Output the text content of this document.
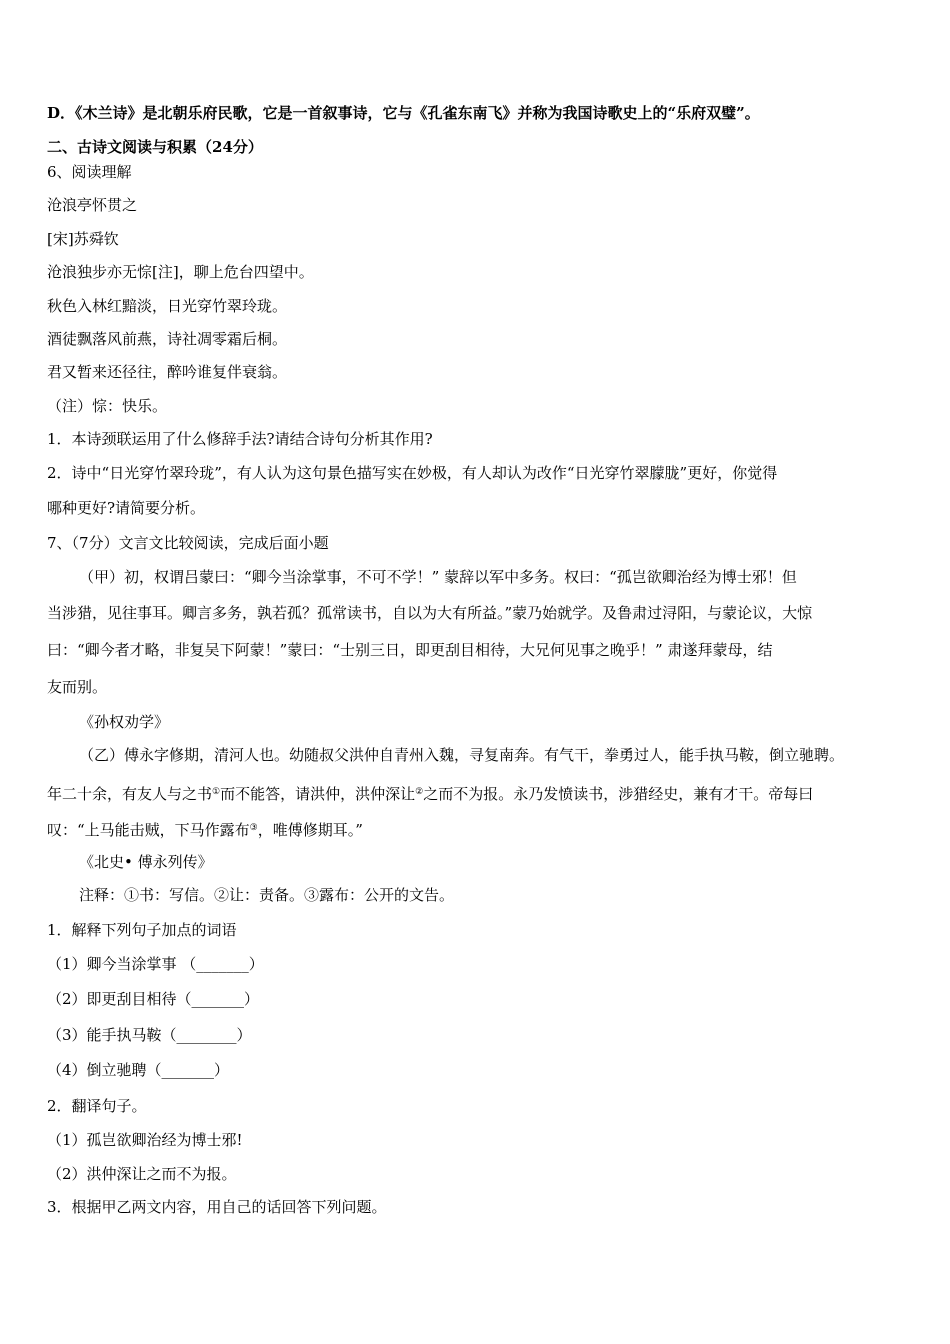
D．《木兰诗》是北朝乐府民歌，它是一首叙事诗，它与《孔雀东南飞》并称为我国诗歌史上的“乐府双璧”。
二、古诗文阅读与积累（24分）
6、阅读理解
沧浪亭怀贯之
[宋]苏舜钦
沧浪独步亦无悰[注]，聊上危台四望中。
秋色入林红黯淡，日光穿竹翠玲珑。
酒徒飘落风前燕，诗社凋零霜后桐。
君又暂来还径往，醉吟谁复伴衰翁。
（注）悰：快乐。
1．本诗颈联运用了什么修辞手法?请结合诗句分析其作用?
2．诗中“日光穿竹翠玲珑”，有人认为这句景色描写实在妙极，有人却认为改作“日光穿竹翠朦胧”更好，你觉得
哪种更好?请简要分析。
7、（7分）文言文比较阅读，完成后面小题
（甲）初，权谓吕蒙曰：“卿今当涂掌事，不可不学！” 蒙辞以军中多务。权曰：“孤岂欲卿治经为博士邪！但
当涉猎，见往事耳。卿言多务，孰若孤？孤常读书，自以为大有所益。”蒙乃始就学。及鲁肃过浔阳，与蒙论议，大惊
曰：“卿今者才略，非复吴下阿蒙！”蒙曰：“士别三日，即更刮目相待，大兄何见事之晚乎！” 肃遂拜蒙母，结
友而别。
《孙权劝学》
（乙）傅永字修期，清河人也。幼随叔父洪仲自青州入魏，寻复南奔。有气干，拳勇过人，能手执马鞍，倒立驰聘。
年二十余，有友人与之书①而不能答，请洪仲，洪仲深让②之而不为报。永乃发愤读书，涉猎经史，兼有才干。帝每曰
叹：“上马能击贼，下马作露布③，唯傅修期耳。”
《北史• 傅永列传》
注释：①书：写信。②让：责备。③露布：公开的文告。
1．解释下列句子加点的词语
（1）卿今当涂掌事 （_______）
（2）即更刮目相待（_______）
（3）能手执马鞍（________）
（4）倒立驰聘（_______）
2．翻译句子。
（1）孤岂欲卿治经为博士邪!
（2）洪仲深让之而不为报。
3．根据甲乙两文内容，用自己的话回答下列问题。
